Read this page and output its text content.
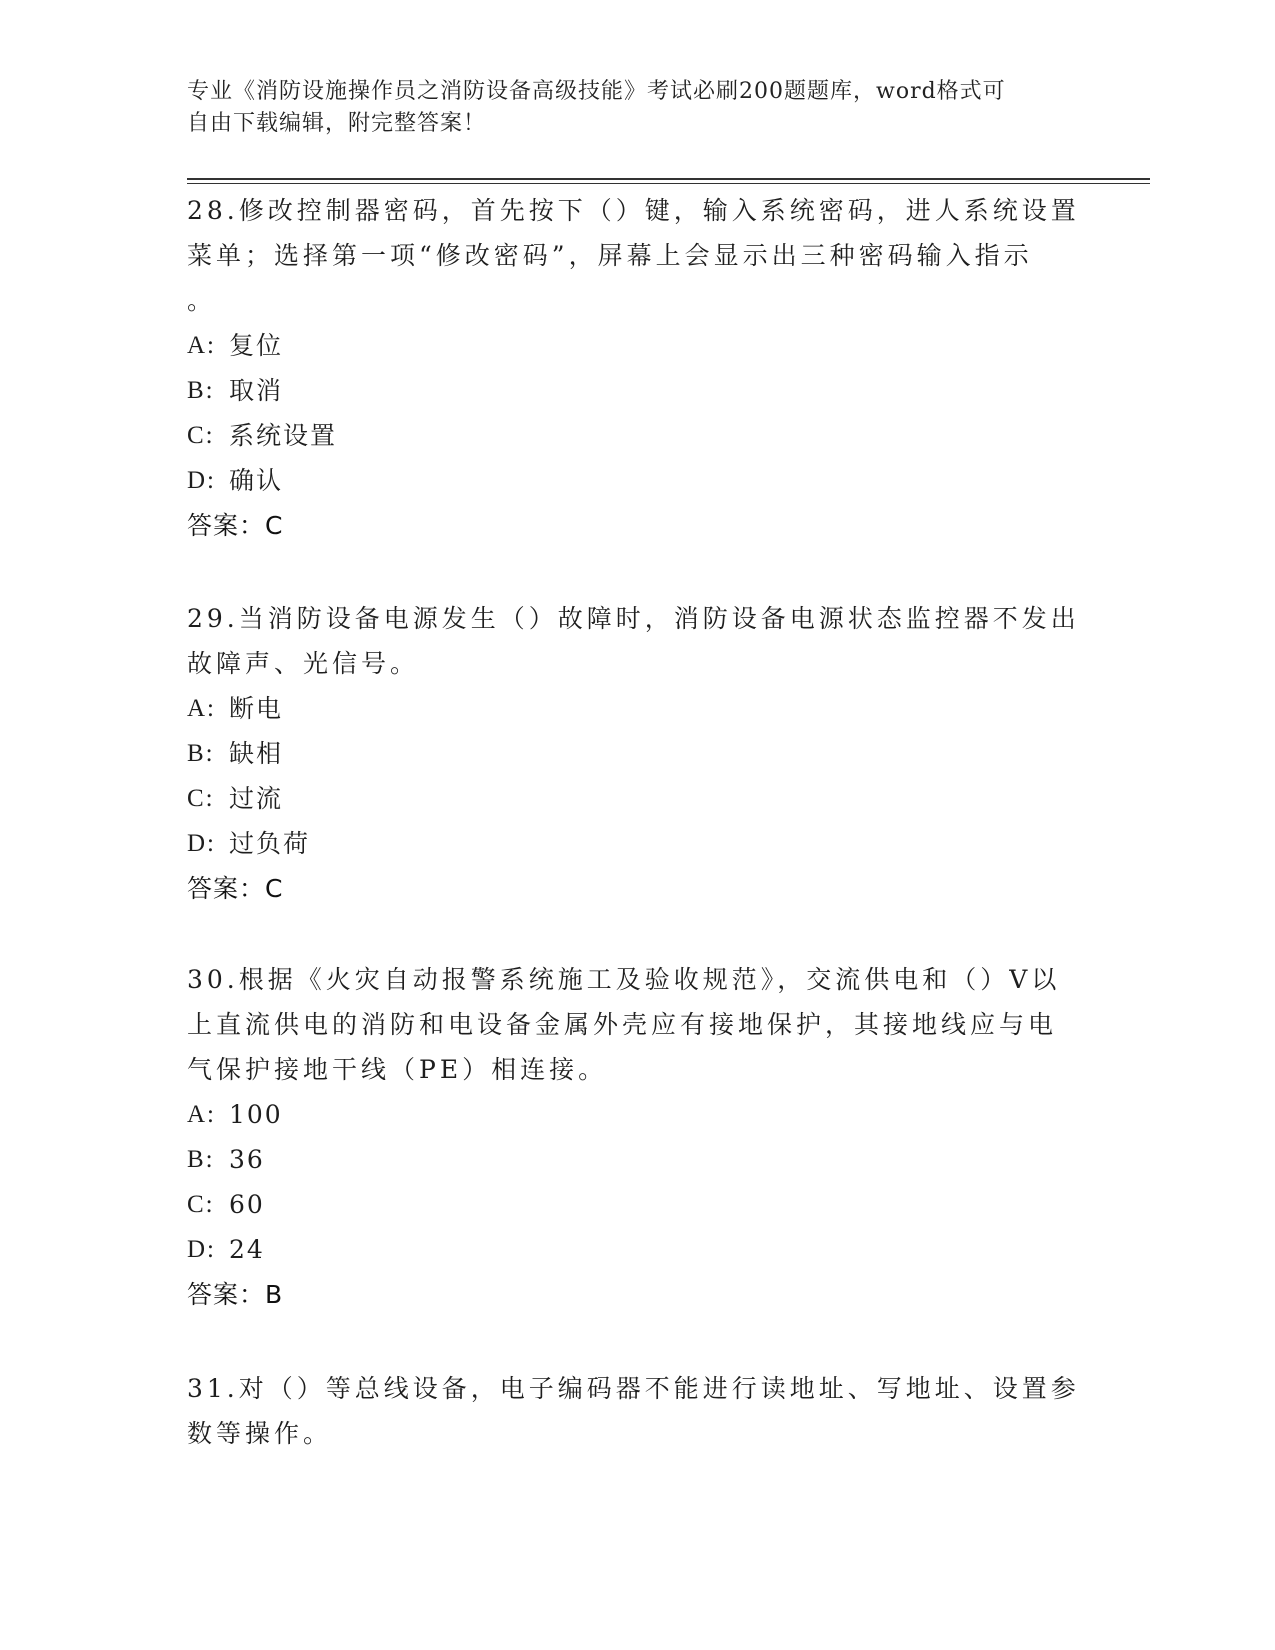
专业《消防设施操作员之消防设备高级技能》考试必刷200题题库，word格式可
自由下载编辑，附完整答案！
28.修改控制器密码，首先按下（）键，输入系统密码，进人系统设置
菜单；选择第一项“修改密码”，屏幕上会显示出三种密码输入指示
。
A: 复位
B: 取消
C: 系统设置
D: 确认
答案：C
29.当消防设备电源发生（）故障时，消防设备电源状态监控器不发出
故障声、光信号。
A: 断电
B: 缺相
C: 过流
D: 过负荷
答案：C
30.根据《火灾自动报警系统施工及验收规范》，交流供电和（）V以
上直流供电的消防和电设备金属外壳应有接地保护，其接地线应与电
气保护接地干线（PE）相连接。
A: 100
B: 36
C: 60
D: 24
答案：B
31.对（）等总线设备，电子编码器不能进行读地址、写地址、设置参
数等操作。
